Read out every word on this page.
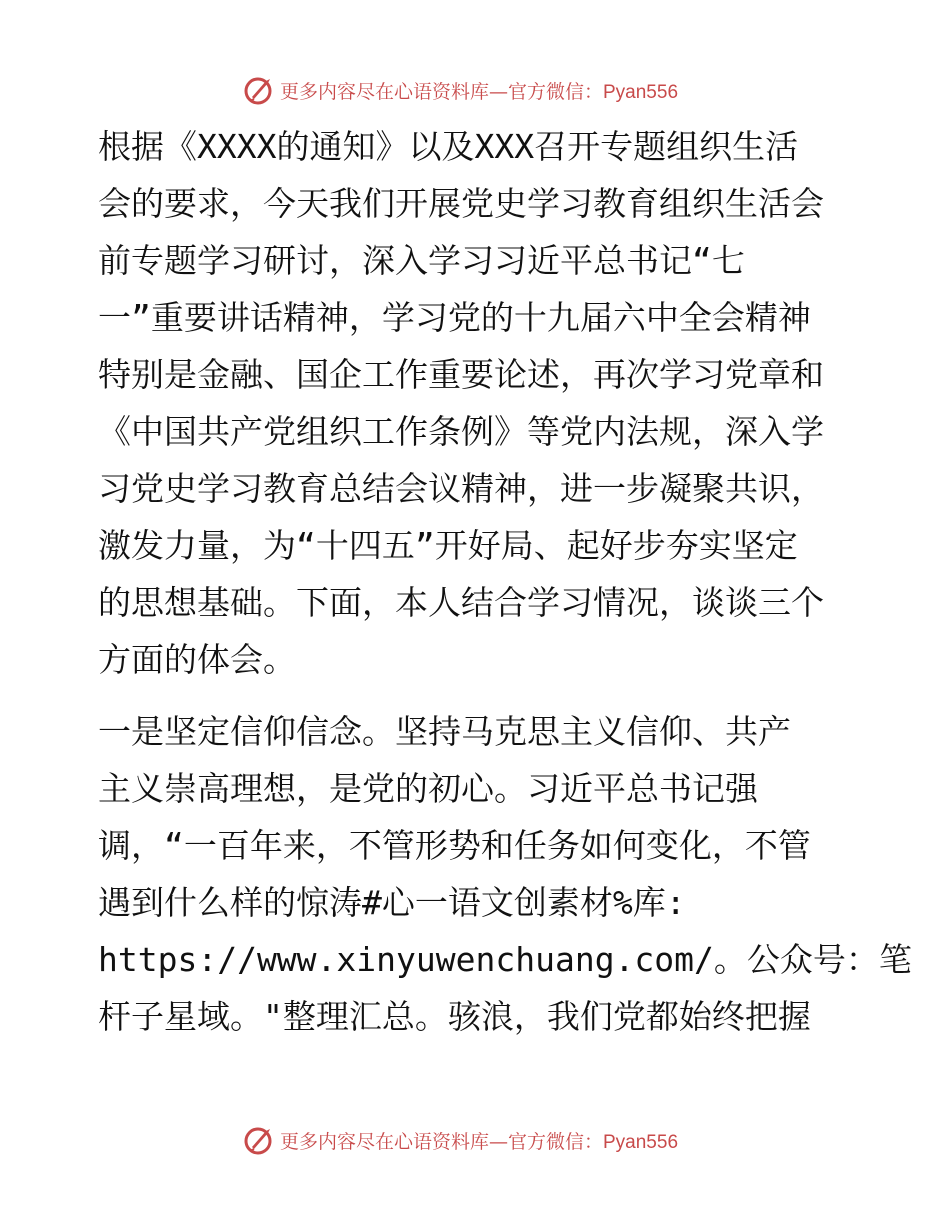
更多内容尽在心语资料库—官方微信：Pyan556

根据《XXXX的通知》以及XXX召开专题组织生活
会的要求，今天我们开展党史学习教育组织生活会
前专题学习研讨，深入学习习近平总书记“七
一”重要讲话精神，学习党的十九届六中全会精神
特别是金融、国企工作重要论述，再次学习党章和
《中国共产党组织工作条例》等党内法规，深入学
习党史学习教育总结会议精神，进一步凝聚共识，
激发力量，为“十四五”开好局、起好步夯实坚定
的思想基础。下面，本人结合学习情况，谈谈三个
方面的体会。

一是坚定信仰信念。坚持马克思主义信仰、共产
主义崇高理想，是党的初心。习近平总书记强
调，“一百年来，不管形势和任务如何变化，不管
遇到什么样的惊涛#心一语文创素材%库:
https://www.xinyuwenchuang.com/。公众号：笔
杆子星域。"整理汇总。骇浪，我们党都始终把握

更多内容尽在心语资料库—官方微信：Pyan556
